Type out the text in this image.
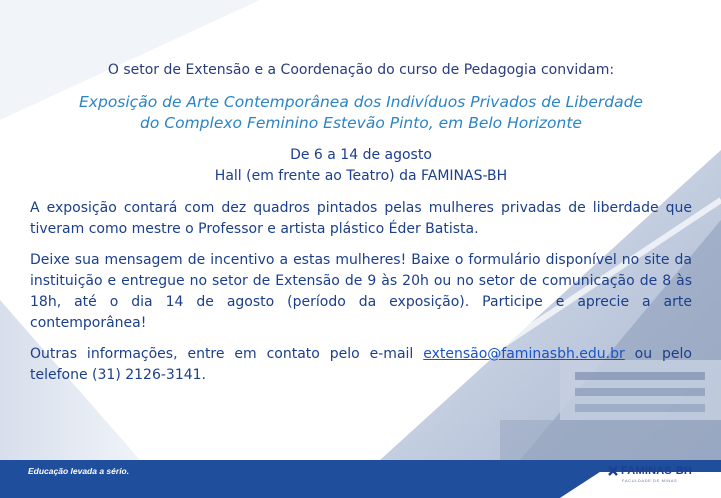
O setor de Extensão e a Coordenação do curso de Pedagogia convidam:
Exposição de Arte Contemporânea dos Indivíduos Privados de Liberdade
do Complexo Feminino Estevão Pinto, em Belo Horizonte
De 6 a 14 de agosto
Hall (em frente ao Teatro) da FAMINAS-BH
A exposição contará com dez quadros pintados pelas mulheres privadas de liberdade que tiveram como mestre o Professor e artista plástico Éder Batista.
Deixe sua mensagem de incentivo a estas mulheres! Baixe o formulário disponível no site da instituição e entregue no setor de Extensão de 9 às 20h ou no setor de comunicação de 8 às 18h, até o dia 14 de agosto (período da exposição). Participe e aprecie a arte contemporânea!
Outras informações, entre em contato pelo e-mail extensão@faminasbh.edu.br ou pelo telefone (31) 2126-3141.
Educação levada a sério.	FAMINAS-BH
FACULDADE DE MINAS
